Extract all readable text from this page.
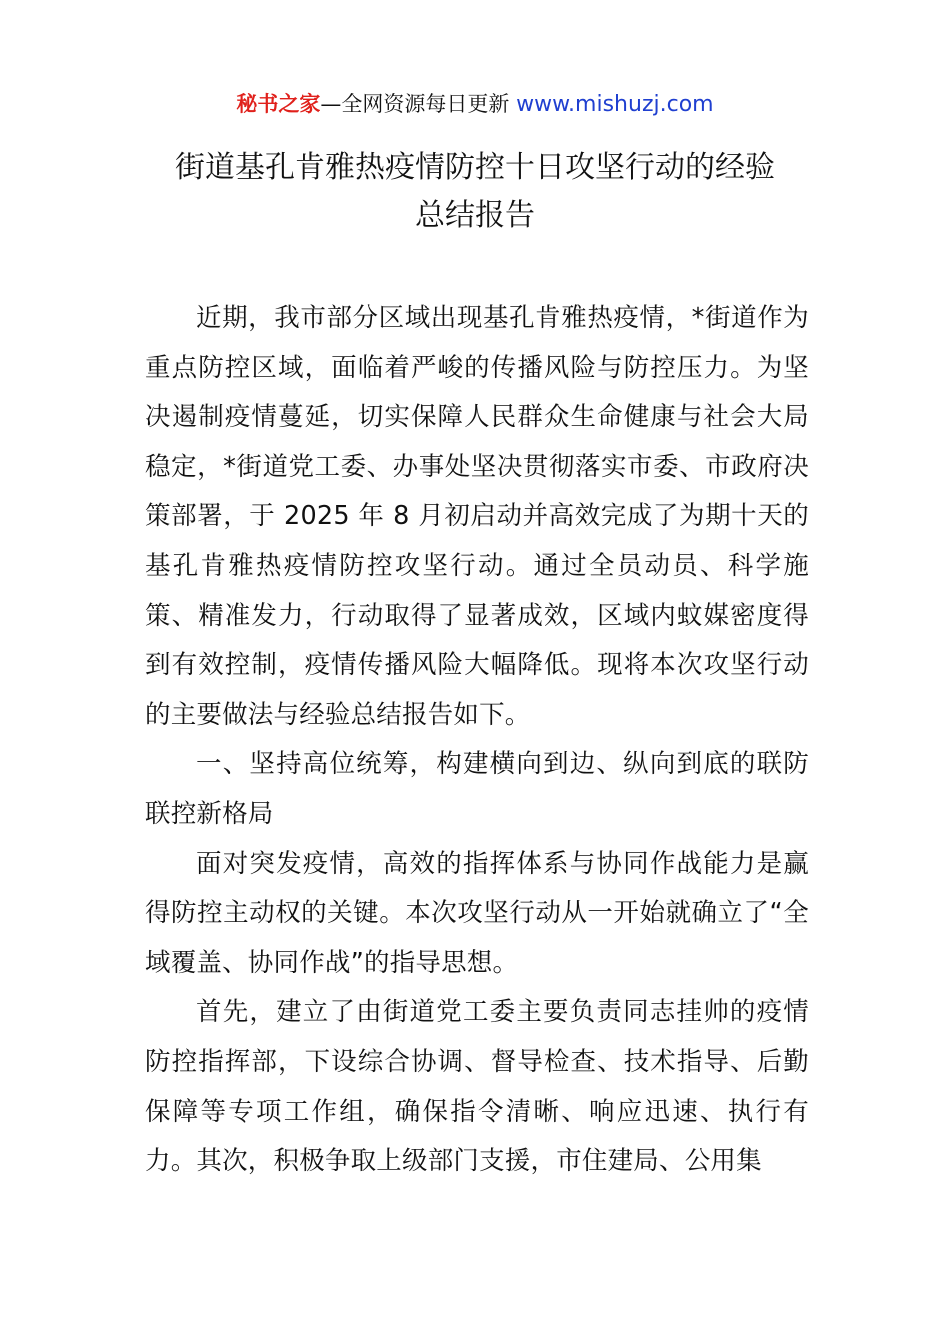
秘书之家—全网资源每日更新 www.mishuzj.com
街道基孔肯雅热疫情防控十日攻坚行动的经验
总结报告

近期，我市部分区域出现基孔肯雅热疫情，*街道作为重点防控区域，面临着严峻的传播风险与防控压力。为坚决遏制疫情蔓延，切实保障人民群众生命健康与社会大局稳定，*街道党工委、办事处坚决贯彻落实市委、市政府决策部署，于 2025 年 8 月初启动并高效完成了为期十天的基孔肯雅热疫情防控攻坚行动。通过全员动员、科学施策、精准发力，行动取得了显著成效，区域内蚊媒密度得到有效控制，疫情传播风险大幅降低。现将本次攻坚行动的主要做法与经验总结报告如下。

一、坚持高位统筹，构建横向到边、纵向到底的联防联控新格局

面对突发疫情，高效的指挥体系与协同作战能力是赢得防控主动权的关键。本次攻坚行动从一开始就确立了“全域覆盖、协同作战”的指导思想。

首先，建立了由街道党工委主要负责同志挂帅的疫情防控指挥部，下设综合协调、督导检查、技术指导、后勤保障等专项工作组，确保指令清晰、响应迅速、执行有力。其次，积极争取上级部门支援，市住建局、公用集
